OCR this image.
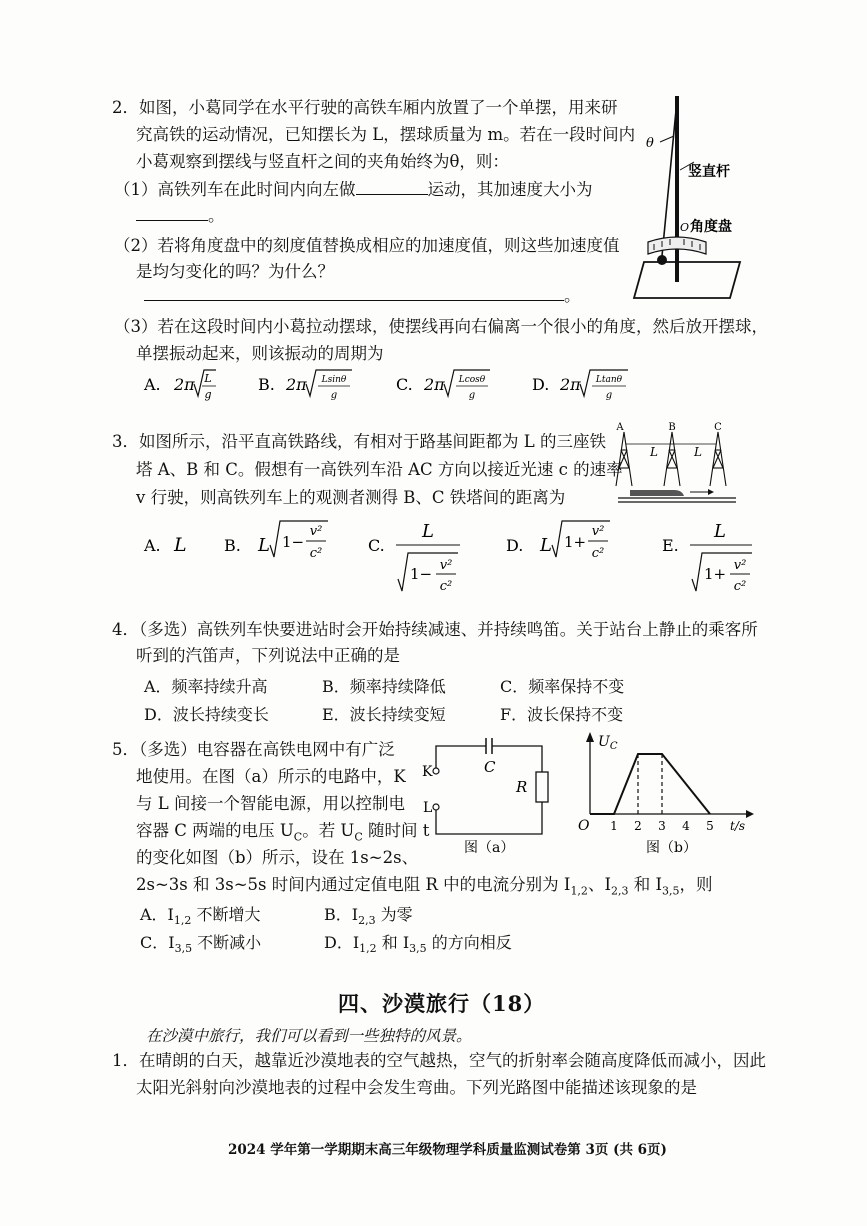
2．如图，小葛同学在水平行驶的高铁车厢内放置了一个单摆，用来研
究高铁的运动情况，已知摆长为 L，摆球质量为 m。若在一段时间内
小葛观察到摆线与竖直杆之间的夹角始终为θ，则：
（1）高铁列车在此时间内向左做	运动，其加速度大小为
。
（2）若将角度盘中的刻度值替换成相应的加速度值，则这些加速度值
是均匀变化的吗？为什么？
。
（3）若在这段时间内小葛拉动摆球，使摆线再向右偏离一个很小的角度，然后放开摆球，
单摆振动起来，则该振动的周期为
θ
竖直杆
O 角度盘
A. 2π L
g
B. 2π Lsinθ
g
C. 2π Lcosθ
g
D. 2π Ltanθ
g
3．如图所示，沿平直高铁路线，有相对于路基间距都为 L 的三座铁
塔 A、B 和 C。假想有一高铁列车沿 AC 方向以接近光速 c 的速率
v 行驶，则高铁列车上的观测者测得 B、C 铁塔间的距离为
A	B	C
L	L
A. L B. L 1−
v²
c²	C.
L
1− v²
c²
D. L 1+
v²
c²	E.
L
1+ v²
c²
4．（多选）高铁列车快要进站时会开始持续减速、并持续鸣笛。关于站台上静止的乘客所
听到的汽笛声，下列说法中正确的是
A．频率持续升高	B．频率持续降低	C．频率保持不变
D．波长持续变长	E．波长持续变短	F．波长保持不变
5．（多选）电容器在高铁电网中有广泛
地使用。在图（a）所示的电路中，K
与 L 间接一个智能电源，用以控制电
容器 C 两端的电压 $U_C$。若 $U_C$ 随时间 t
的变化如图（b）所示，设在 1s~2s、
2s~3s 和 3s~5s 时间内通过定值电阻 R 中的电流分别为 $I_{1,2}$、$I_{2,3}$ 和 $I_{3,5}$，则
A．$I_{1,2}$ 不断增大	B．$I_{2,3}$ 为零
C．$I_{3,5}$ 不断减小	D．$I_{1,2}$ 和 $I_{3,5}$ 的方向相反
K
L
C
R
图（a）
$U_C$
O	t/s
1 2 3 4 5
图（b）
四、沙漠旅行（18）
在沙漠中旅行，我们可以看到一些独特的风景。
1．在晴朗的白天，越靠近沙漠地表的空气越热，空气的折射率会随高度降低而减小，因此
太阳光斜射向沙漠地表的过程中会发生弯曲。下列光路图中能描述该现象的是
2024 学年第一学期期末高三年级物理学科质量监测试卷第 3页 (共 6页)
